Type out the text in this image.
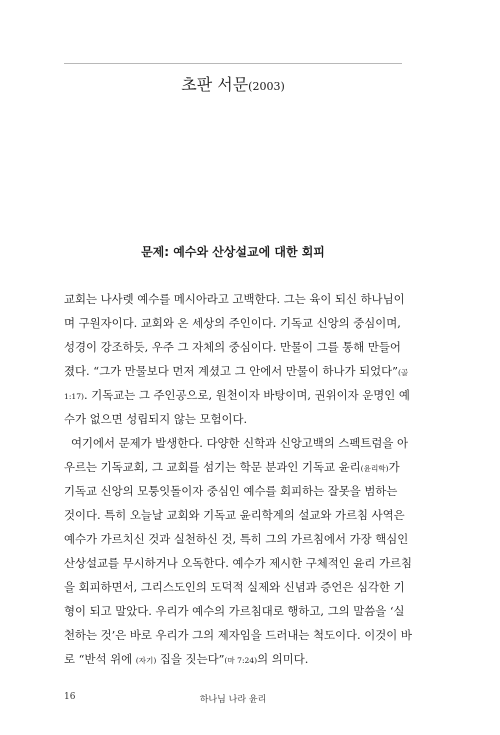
초판 서문(2003)
문제: 예수와 산상설교에 대한 회피
교회는 나사렛 예수를 메시아라고 고백한다. 그는 육이 되신 하나님이
며 구원자이다. 교회와 온 세상의 주인이다. 기독교 신앙의 중심이며,
성경이 강조하듯, 우주 그 자체의 중심이다. 만물이 그를 통해 만들어
졌다. “그가 만물보다 먼저 계셨고 그 안에서 만물이 하나가 되었다”(골
1:17). 기독교는 그 주인공으로, 원천이자 바탕이며, 권위이자 운명인 예
수가 없으면 성립되지 않는 모험이다.
여기에서 문제가 발생한다. 다양한 신학과 신앙고백의 스펙트럼을 아
우르는 기독교회, 그 교회를 섬기는 학문 분과인 기독교 윤리(윤리학)가
기독교 신앙의 모퉁잇돌이자 중심인 예수를 회피하는 잘못을 범하는
것이다. 특히 오늘날 교회와 기독교 윤리학계의 설교와 가르침 사역은
예수가 가르치신 것과 실천하신 것, 특히 그의 가르침에서 가장 핵심인
산상설교를 무시하거나 오독한다. 예수가 제시한 구체적인 윤리 가르침
을 회피하면서, 그리스도인의 도덕적 실제와 신념과 증언은 심각한 기
형이 되고 말았다. 우리가 예수의 가르침대로 행하고, 그의 말씀을 ‘실
천하는 것’은 바로 우리가 그의 제자임을 드러내는 척도이다. 이것이 바
로 “반석 위에 (자기) 집을 짓는다”(마 7:24)의 의미다.
16	하나님 나라 윤리
